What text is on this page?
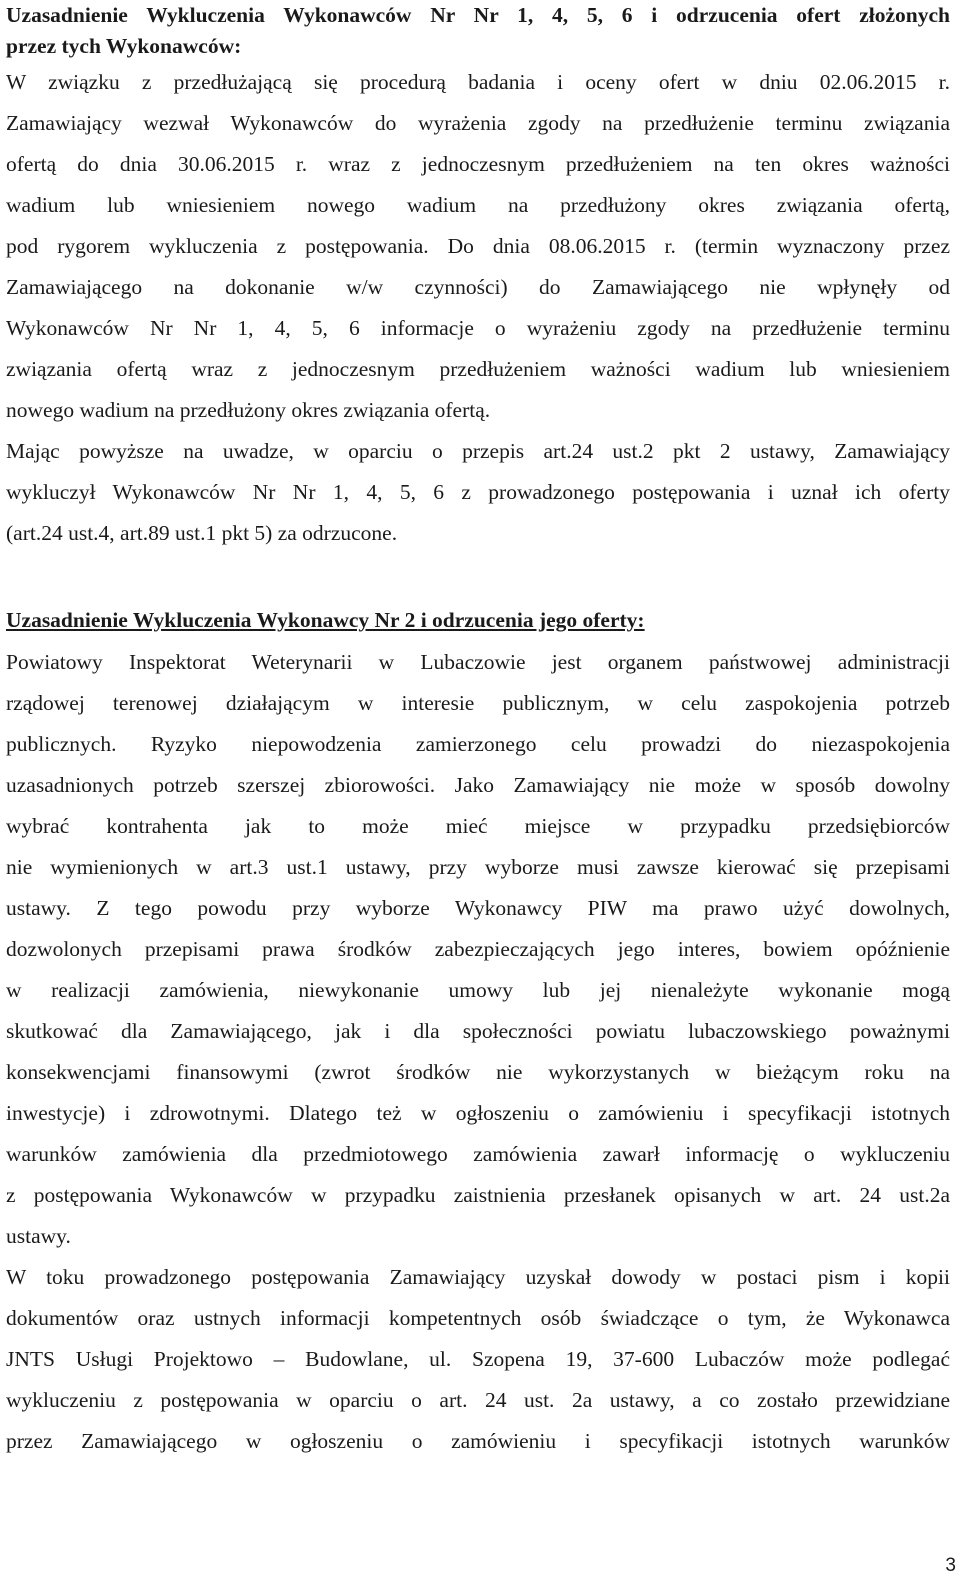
Uzasadnienie Wykluczenia Wykonawców Nr Nr 1, 4, 5, 6 i odrzucenia ofert złożonych
przez tych Wykonawców:
W związku z przedłużającą się procedurą badania i oceny ofert w dniu 02.06.2015 r.
Zamawiający wezwał Wykonawców do wyrażenia zgody na przedłużenie terminu związania
ofertą do dnia 30.06.2015 r. wraz z jednoczesnym przedłużeniem na ten okres ważności
wadium lub wniesieniem nowego wadium na przedłużony okres związania ofertą,
pod rygorem wykluczenia z postępowania. Do dnia 08.06.2015 r. (termin wyznaczony przez
Zamawiającego na dokonanie w/w czynności) do Zamawiającego nie wpłynęły od
Wykonawców Nr Nr 1, 4, 5, 6 informacje o wyrażeniu zgody na przedłużenie terminu
związania ofertą wraz z jednoczesnym przedłużeniem ważności wadium lub wniesieniem
nowego wadium na przedłużony okres związania ofertą.
Mając powyższe na uwadze, w oparciu o przepis art.24 ust.2 pkt 2 ustawy, Zamawiający
wykluczył Wykonawców Nr Nr 1, 4, 5, 6 z prowadzonego postępowania i uznał ich oferty
(art.24 ust.4, art.89 ust.1 pkt 5) za odrzucone.
Uzasadnienie Wykluczenia Wykonawcy Nr 2 i odrzucenia jego oferty:
Powiatowy Inspektorat Weterynarii w Lubaczowie jest organem państwowej administracji
rządowej terenowej działającym w interesie publicznym, w celu zaspokojenia potrzeb
publicznych. Ryzyko niepowodzenia zamierzonego celu prowadzi do niezaspokojenia
uzasadnionych potrzeb szerszej zbiorowości. Jako Zamawiający nie może w sposób dowolny
wybrać kontrahenta jak to może mieć miejsce w przypadku przedsiębiorców
nie wymienionych w art.3 ust.1 ustawy, przy wyborze musi zawsze kierować się przepisami
ustawy. Z tego powodu przy wyborze Wykonawcy PIW ma prawo użyć dowolnych,
dozwolonych przepisami prawa środków zabezpieczających jego interes, bowiem opóźnienie
w realizacji zamówienia, niewykonanie umowy lub jej nienależyte wykonanie mogą
skutkować dla Zamawiającego, jak i dla społeczności powiatu lubaczowskiego poważnymi
konsekwencjami finansowymi (zwrot środków nie wykorzystanych w bieżącym roku na
inwestycje) i zdrowotnymi. Dlatego też w ogłoszeniu o zamówieniu i specyfikacji istotnych
warunków zamówienia dla przedmiotowego zamówienia zawarł informację o wykluczeniu
z postępowania Wykonawców w przypadku zaistnienia przesłanek opisanych w art. 24 ust.2a
ustawy.
W toku prowadzonego postępowania Zamawiający uzyskał dowody w postaci pism i kopii
dokumentów oraz ustnych informacji kompetentnych osób świadczące o tym, że Wykonawca
JNTS Usługi Projektowo – Budowlane, ul. Szopena 19, 37-600 Lubaczów może podlegać
wykluczeniu z postępowania w oparciu o art. 24 ust. 2a ustawy, a co zostało przewidziane
przez Zamawiającego w ogłoszeniu o zamówieniu i specyfikacji istotnych warunków
3
